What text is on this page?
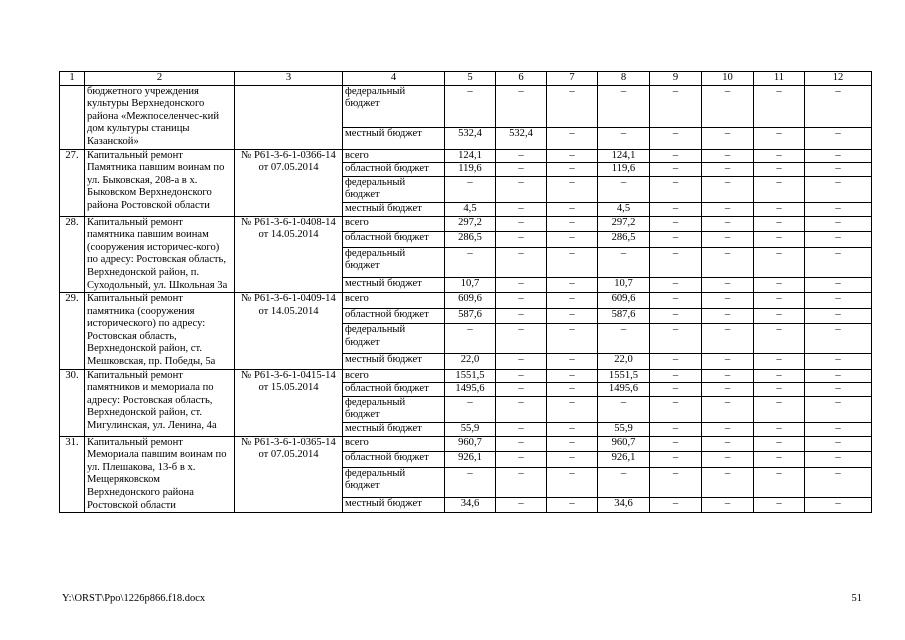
1	2	3	4	5	6	7	8	9	10	11	12
	бюджетного учреждения культуры Верхнедонского района «Межпоселенчес-кий дом культуры станицы Казанской»		федеральный бюджет	–	–	–	–	–	–	–	–
			местный бюджет	532,4	532,4	–	–	–	–	–	–
27.	Капитальный ремонт Памятника павшим воинам по ул. Быковская, 208-а в х. Быковском Верхнедонского района Ростовской области	№ Р61-3-6-1-0366-14 от 07.05.2014	всего	124,1	–	–	124,1	–	–	–	–
			областной бюджет	119,6	–	–	119,6	–	–	–	–
			федеральный бюджет	–	–	–	–	–	–	–	–
			местный бюджет	4,5	–	–	4,5	–	–	–	–
28.	Капитальный ремонт памятника павшим воинам (сооружения историчес-кого) по адресу: Ростовская область, Верхнедонской район, п. Суходольный, ул. Школьная 3а	№ Р61-3-6-1-0408-14 от 14.05.2014	всего	297,2	–	–	297,2	–	–	–	–
			областной бюджет	286,5	–	–	286,5	–	–	–	–
			федеральный бюджет	–	–	–	–	–	–	–	–
			местный бюджет	10,7	–	–	10,7	–	–	–	–
29.	Капитальный ремонт памятника (сооружения исторического) по адресу: Ростовская область, Верхнедонской район, ст. Мешковская, пр. Победы, 5а	№ Р61-3-6-1-0409-14 от 14.05.2014	всего	609,6	–	–	609,6	–	–	–	–
			областной бюджет	587,6	–	–	587,6	–	–	–	–
			федеральный бюджет	–	–	–	–	–	–	–	–
			местный бюджет	22,0	–	–	22,0	–	–	–	–
30.	Капитальный ремонт памятников и мемориала по адресу: Ростовская область, Верхнедонской район, ст. Мигулинская, ул. Ленина, 4а	№ Р61-3-6-1-0415-14 от 15.05.2014	всего	1551,5	–	–	1551,5	–	–	–	–
			областной бюджет	1495,6	–	–	1495,6	–	–	–	–
			федеральный бюджет	–	–	–	–	–	–	–	–
			местный бюджет	55,9	–	–	55,9	–	–	–	–
31.	Капитальный ремонт Мемориала павшим воинам по ул. Плешакова, 13-б в х. Мещеряковском Верхнедонского района Ростовской области	№ Р61-3-6-1-0365-14 от 07.05.2014	всего	960,7	–	–	960,7	–	–	–	–
			областной бюджет	926,1	–	–	926,1	–	–	–	–
			федеральный бюджет	–	–	–	–	–	–	–	–
			местный бюджет	34,6	–	–	34,6	–	–	–	–
Y:\ORST\Ppo\1226p866.f18.docx	51
